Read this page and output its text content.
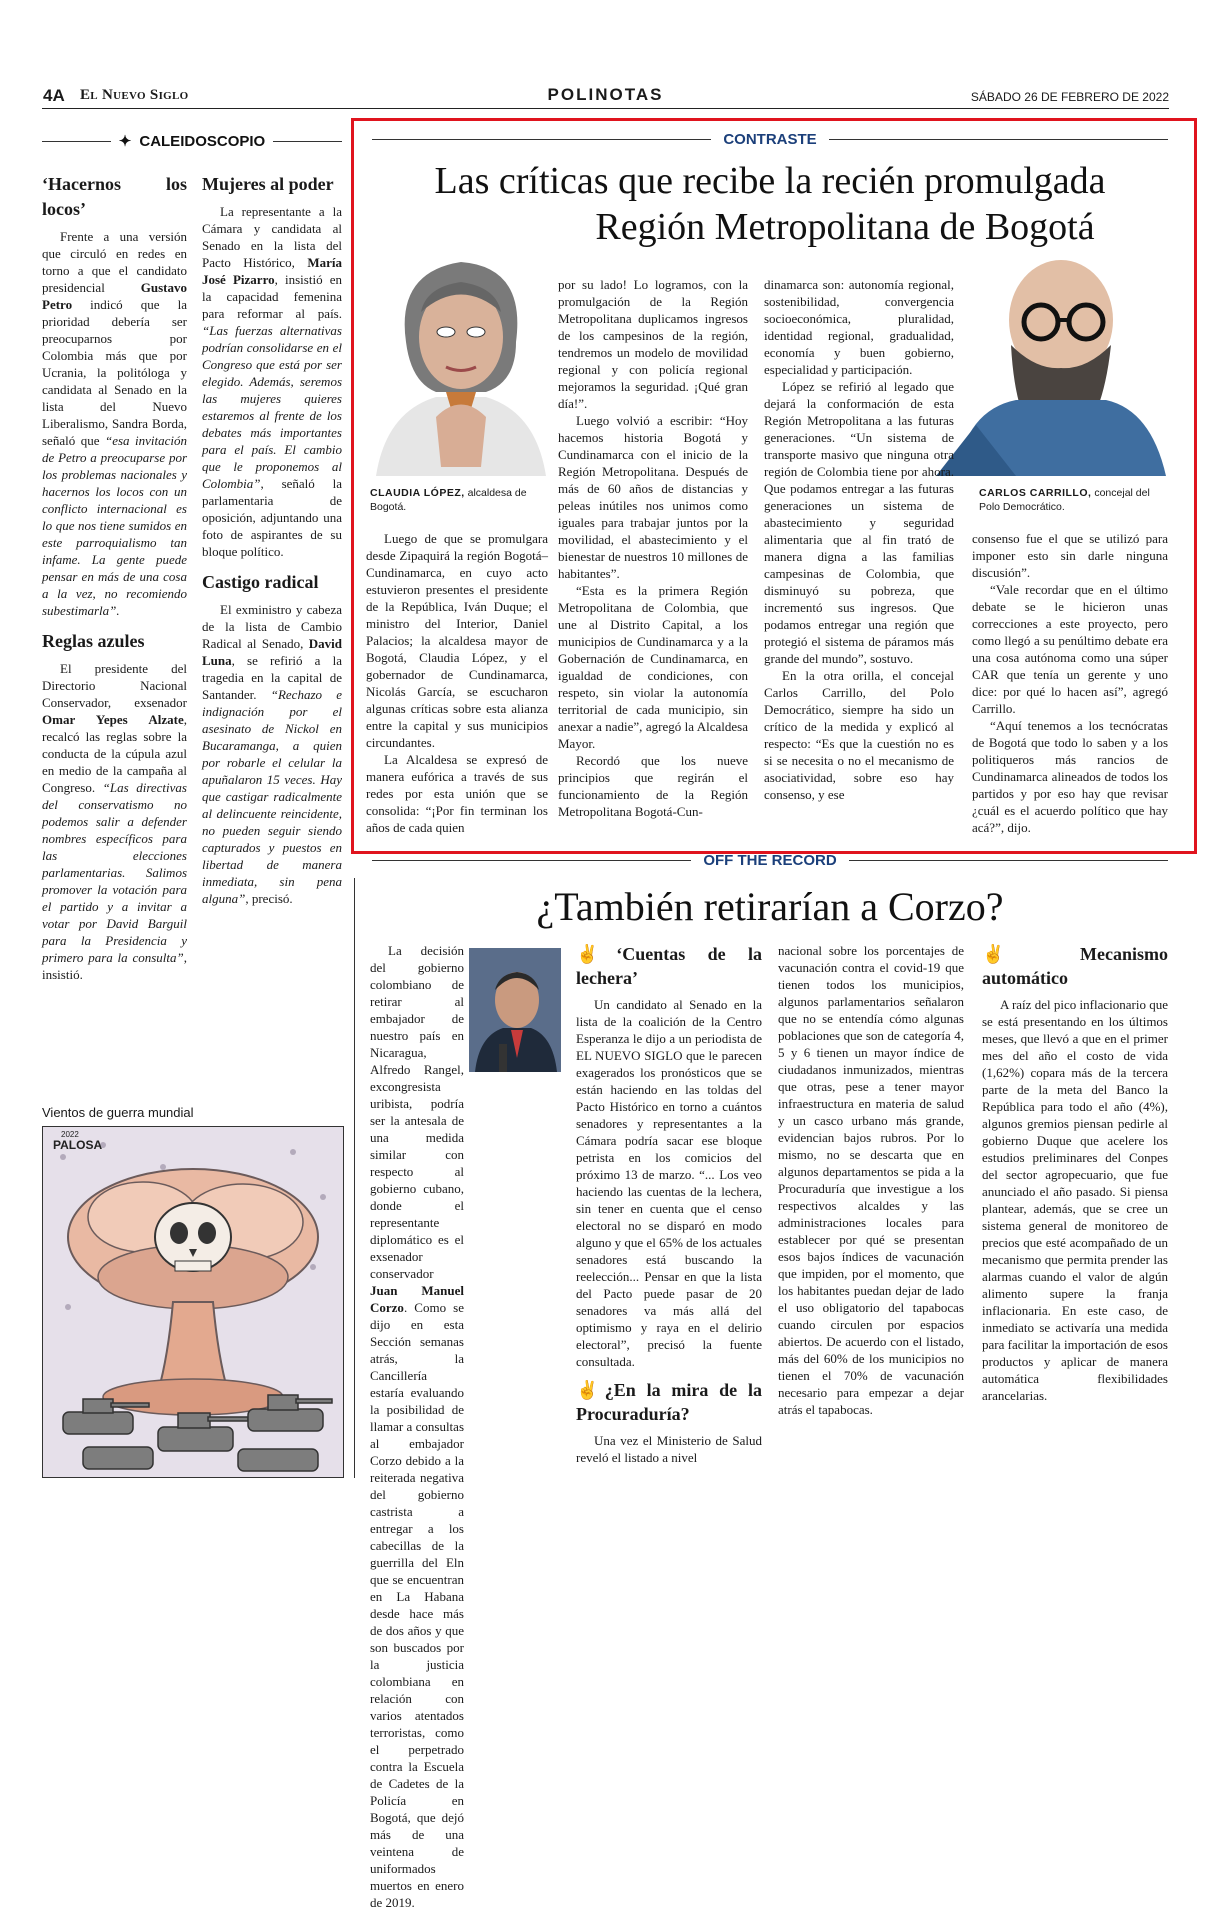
4A El Nuevo Siglo	POLINOTAS	SÁBADO 26 DE FEBRERO DE 2022
✦ CALEIDOSCOPIO
‘Hacernos los locos’

Frente a una versión que circuló en redes en torno a que el candidato presidencial Gustavo Petro indicó que la prioridad debería ser preocuparnos por Colombia más que por Ucrania, la politóloga y candidata al Senado en la lista del Nuevo Liberalismo, Sandra Borda, señaló que “esa invitación de Petro a preocuparse por los problemas nacionales y hacernos los locos con un conflicto internacional es lo que nos tiene sumidos en este parroquialismo tan infame. La gente puede pensar en más de una cosa a la vez, no recomiendo subestimarla”.

Reglas azules

El presidente del Directorio Nacional Conservador, exsenador Omar Yepes Alzate, recalcó las reglas sobre la conducta de la cúpula azul en medio de la campaña al Congreso. “Las directivas del conservatismo no podemos salir a defender nombres específicos para las elecciones parlamentarias. Salimos promover la votación para el partido y a invitar a votar por David Barguil para la Presidencia y primero para la consulta”, insistió.

Mujeres al poder

La representante a la Cámara y candidata al Senado en la lista del Pacto Histórico, María José Pizarro, insistió en la capacidad femenina para reformar al país. “Las fuerzas alternativas podrían consolidarse en el Congreso que está por ser elegido. Además, seremos las mujeres quieres estaremos al frente de los debates más importantes para el país. El cambio que le proponemos al Colombia”, señaló la parlamentaria de oposición, adjuntando una foto de aspirantes de su bloque político.

Castigo radical

El exministro y cabeza de la lista de Cambio Radical al Senado, David Luna, se refirió a la tragedia en la capital de Santander. “Rechazo e indignación por el asesinato de Nickol en Bucaramanga, a quien por robarle el celular la apuñalaron 15 veces. Hay que castigar radicalmente al delincuente reincidente, no pueden seguir siendo capturados y puestos en libertad de manera inmediata, sin pena alguna”, precisó.

Vientos de guerra mundial
PALOSA
2022
CONTRASTE
Las críticas que recibe la recién promulgada
Región Metropolitana de Bogotá
CLAUDIA LÓPEZ, alcaldesa de Bogotá.
CARLOS CARRILLO, concejal del Polo Democrático.

Luego de que se promulgara desde Zipaquirá la región Bogotá–Cundinamarca, en cuyo acto estuvieron presentes el presidente de la República, Iván Duque; el ministro del Interior, Daniel Palacios; la alcaldesa mayor de Bogotá, Claudia López, y el gobernador de Cundinamarca, Nicolás García, se escucharon algunas críticas sobre esta alianza entre la capital y sus municipios circundantes.

La Alcaldesa se expresó de manera eufórica a través de sus redes por esta unión que se consolida: “¡Por fin terminan los años de cada quien

por su lado! Lo logramos, con la promulgación de la Región Metropolitana duplicamos ingresos de los campesinos de la región, tendremos un modelo de movilidad regional y con policía regional mejoramos la seguridad. ¡Qué gran día!”.

Luego volvió a escribir: “Hoy hacemos historia Bogotá y Cundinamarca con el inicio de la Región Metropolitana. Después de más de 60 años de distancias y peleas inútiles nos unimos como iguales para trabajar juntos por la movilidad, el abastecimiento y el bienestar de nuestros 10 millones de habitantes”.

“Esta es la primera Región Metropolitana de Colombia, que une al Distrito Capital, a los municipios de Cundinamarca y a la Gobernación de Cundinamarca, en igualdad de condiciones, con respeto, sin violar la autonomía territorial de cada municipio, sin anexar a nadie”, agregó la Alcaldesa Mayor.

Recordó que los nueve principios que regirán el funcionamiento de la Región Metropolitana Bogotá-Cun-

dinamarca son: autonomía regional, sostenibilidad, convergencia socioeconómica, pluralidad, identidad regional, gradualidad, economía y buen gobierno, especialidad y participación.

López se refirió al legado que dejará la conformación de esta Región Metropolitana a las futuras generaciones. “Un sistema de transporte masivo que ninguna otra región de Colombia tiene por ahora. Que podamos entregar a las futuras generaciones un sistema de abastecimiento y seguridad alimentaria que al fin trató de manera digna a las familias campesinas de Colombia, que disminuyó su pobreza, que incrementó sus ingresos. Que podamos entregar una región que protegió el sistema de páramos más grande del mundo”, sostuvo.

En la otra orilla, el concejal Carlos Carrillo, del Polo Democrático, siempre ha sido un crítico de la medida y explicó al respecto: “Es que la cuestión no es si se necesita o no el mecanismo de asociatividad, sobre eso hay consenso, y ese

consenso fue el que se utilizó para imponer esto sin darle ninguna discusión”.

“Vale recordar que en el último debate se le hicieron unas correcciones a este proyecto, pero como llegó a su penúltimo debate era una cosa autónoma como una súper CAR que tenía un gerente y uno dice: por qué lo hacen así”, agregó Carrillo.

“Aquí tenemos a los tecnócratas de Bogotá que todo lo saben y a los politiqueros más rancios de Cundinamarca alineados de todos los partidos y por eso hay que revisar ¿cuál es el acuerdo político que hay acá?”, dijo.

OFF THE RECORD
¿También retirarían a Corzo?

La decisión del gobierno colombiano de retirar al embajador de nuestro país en Nicaragua, Alfredo Rangel, excongresista uribista, podría ser la antesala de una medida similar con respecto al gobierno cubano, donde el representante diplomático es el exsenador conservador Juan Manuel Corzo. Como se dijo en esta Sección semanas atrás, la Cancillería estaría evaluando la posibilidad de llamar a consultas al embajador Corzo debido a la reiterada negativa del gobierno castrista a entregar a los cabecillas de la guerrilla del Eln que se encuentran en La Habana desde hace más de dos años y que son buscados por la justicia colombiana en relación con varios atentados terroristas, como el perpetrado contra la Escuela de Cadetes de la Policía en Bogotá, que dejó más de una veintena de uniformados muertos en enero de 2019.

✌‘Cuentas de la lechera’

Un candidato al Senado en la lista de la coalición de la Centro Esperanza le dijo a un periodista de EL NUEVO SIGLO que le parecen exagerados los pronósticos que se están haciendo en las toldas del Pacto Histórico en torno a cuántos senadores y representantes a la Cámara podría sacar ese bloque petrista en los comicios del próximo 13 de marzo. “... Los veo haciendo las cuentas de la lechera, sin tener en cuenta que el censo electoral no se disparó en modo alguno y que el 65% de los actuales senadores está buscando la reelección... Pensar en que la lista del Pacto puede pasar de 20 senadores va más allá del optimismo y raya en el delirio electoral”, precisó la fuente consultada.

✌¿En la mira de la Procuraduría?

Una vez el Ministerio de Salud reveló el listado a nivel

nacional sobre los porcentajes de vacunación contra el covid-19 que tienen todos los municipios, algunos parlamentarios señalaron que no se entendía cómo algunas poblaciones que son de categoría 4, 5 y 6 tienen un mayor índice de ciudadanos inmunizados, mientras que otras, pese a tener mayor infraestructura en materia de salud y un casco urbano más grande, evidencian bajos rubros. Por lo mismo, no se descarta que en algunos departamentos se pida a la Procuraduría que investigue a los respectivos alcaldes y las administraciones locales para establecer por qué se presentan esos bajos índices de vacunación que impiden, por el momento, que los habitantes puedan dejar de lado el uso obligatorio del tapabocas cuando circulen por espacios abiertos. De acuerdo con el listado, más del 60% de los municipios no tienen el 70% de vacunación necesario para empezar a dejar atrás el tapabocas.

✌Mecanismo automático

A raíz del pico inflacionario que se está presentando en los últimos meses, que llevó a que en el primer mes del año el costo de vida (1,62%) copara más de la tercera parte de la meta del Banco la República para todo el año (4%), algunos gremios piensan pedirle al gobierno Duque que acelere los estudios preliminares del Conpes del sector agropecuario, que fue anunciado el año pasado. Si piensa plantear, además, que se cree un sistema general de monitoreo de precios que esté acompañado de un mecanismo que permita prender las alarmas cuando el valor de algún alimento supere la franja inflacionaria. En este caso, de inmediato se activaría una medida para facilitar la importación de esos productos y aplicar de manera automática flexibilidades arancelarias.
